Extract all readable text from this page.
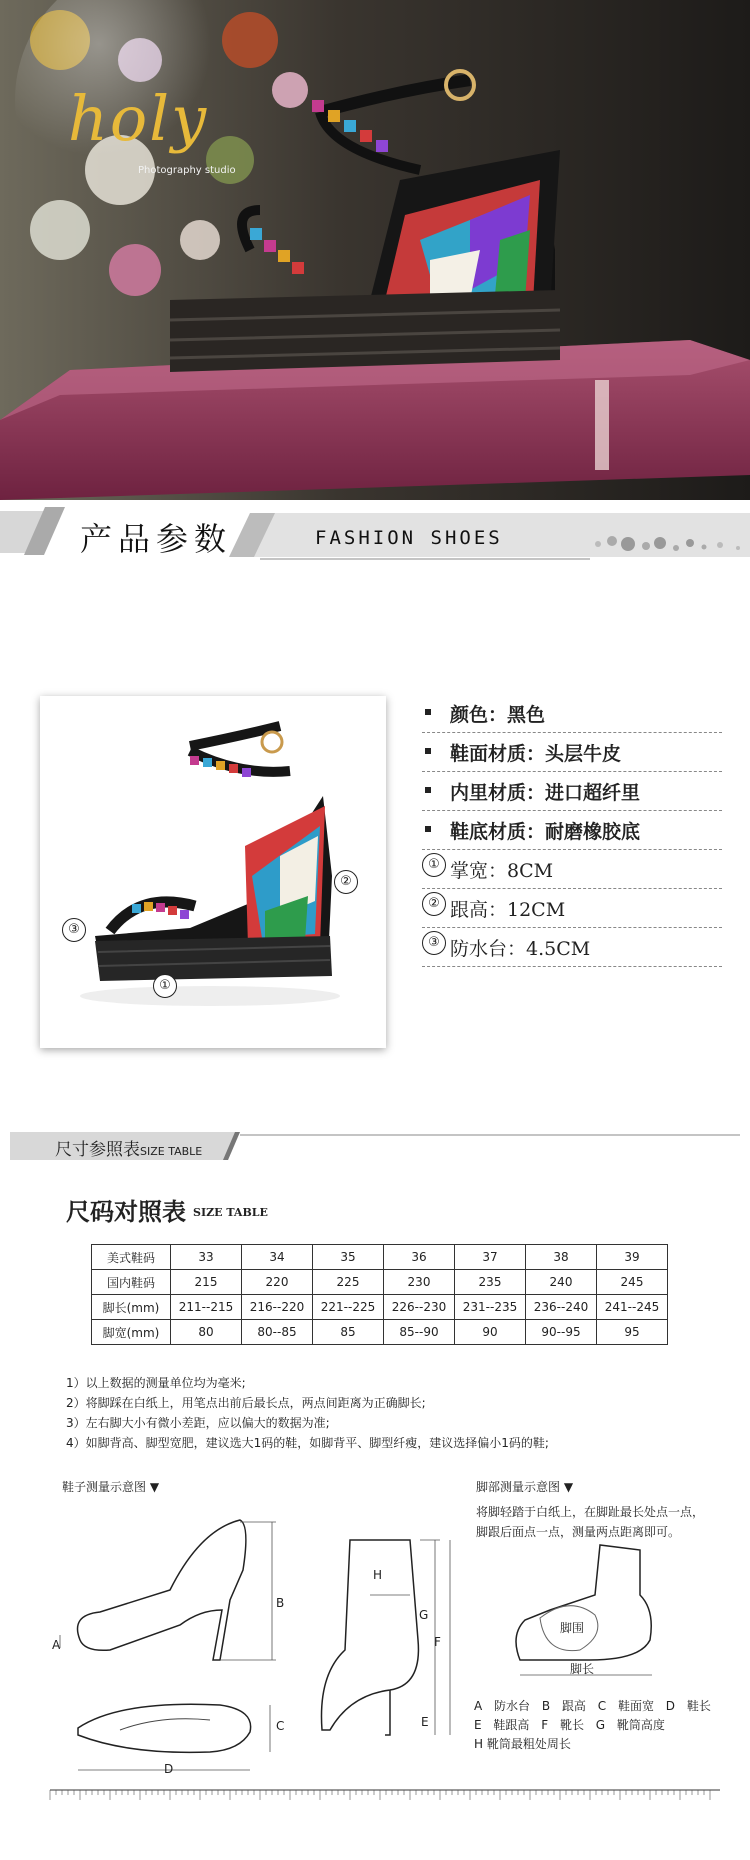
holy
Photography studio
产品参数	FASHION SHOES
①
②
③
颜色：黑色
鞋面材质：头层牛皮
内里材质：进口超纤里
鞋底材质：耐磨橡胶底
① 掌宽：8CM
② 跟高：12CM
③ 防水台：4.5CM
尺寸参照表SIZE TABLE
尺码对照表 SIZE TABLE
美式鞋码	33	34	35	36	37	38	39
国内鞋码	215	220	225	230	235	240	245
脚长(mm)	211--215	216--220	221--225	226--230	231--235	236--240	241--245
脚宽(mm)	80	80--85	85	85--90	90	90--95	95
1）以上数据的测量单位均为毫米;
2）将脚踩在白纸上，用笔点出前后最长点，两点间距离为正确脚长;
3）左右脚大小有微小差距，应以偏大的数据为准;
4）如脚背高、脚型宽肥，建议选大1码的鞋，如脚背平、脚型纤瘦，建议选择偏小1码的鞋;
鞋子测量示意图 ▼	脚部测量示意图 ▼
将脚轻踏于白纸上，在脚趾最长处点一点，
脚跟后面点一点，测量两点距离即可。
A
B
C
D
E
F
G
H
脚围
脚长
A 防水台 B 跟高 C 鞋面宽 D 鞋长
E 鞋跟高 F 靴长 G 靴筒高度
H 靴筒最粗处周长
